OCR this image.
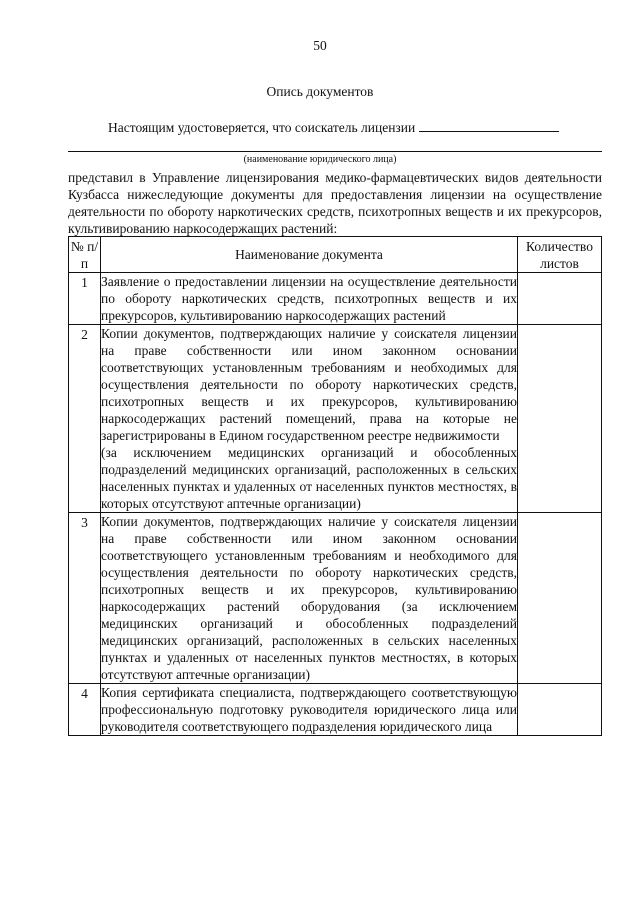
50
Опись документов
Настоящим удостоверяется, что соискатель лицензии
(наименование юридического лица)
представил в Управление лицензирования медико-фармацевтических видов деятельности Кузбасса нижеследующие документы для предоставления лицензии на осуществление деятельности по обороту наркотических средств, психотропных веществ и их прекурсоров, культивированию наркосодержащих растений:
№ п/п	Наименование документа	Количество листов
1	Заявление о предоставлении лицензии на осуществление деятельности по обороту наркотических средств, психотропных веществ и их прекурсоров, культивированию наркосодержащих растений	
2	Копии документов, подтверждающих наличие у соискателя лицензии на праве собственности или ином законном основании соответствующих установленным требованиям и необходимых для осуществления деятельности по обороту наркотических средств, психотропных веществ и их прекурсоров, культивированию наркосодержащих растений помещений, права на которые не зарегистрированы в Едином государственном реестре недвижимости
(за исключением медицинских организаций и обособленных подразделений медицинских организаций, расположенных в сельских населенных пунктах и удаленных от населенных пунктов местностях, в которых отсутствуют аптечные организации)	

3	Копии документов, подтверждающих наличие у соискателя лицензии на праве собственности или ином законном основании соответствующего установленным требованиям и необходимого для осуществления деятельности по обороту наркотических средств, психотропных веществ и их прекурсоров, культивированию наркосодержащих растений оборудования (за исключением медицинских организаций и обособленных подразделений медицинских организаций, расположенных в сельских населенных пунктах и удаленных от населенных пунктов местностях, в которых отсутствуют аптечные организации)	
4	Копия сертификата специалиста, подтверждающего соответствующую профессиональную подготовку руководителя юридического лица или руководителя соответствующего подразделения юридического лица	
